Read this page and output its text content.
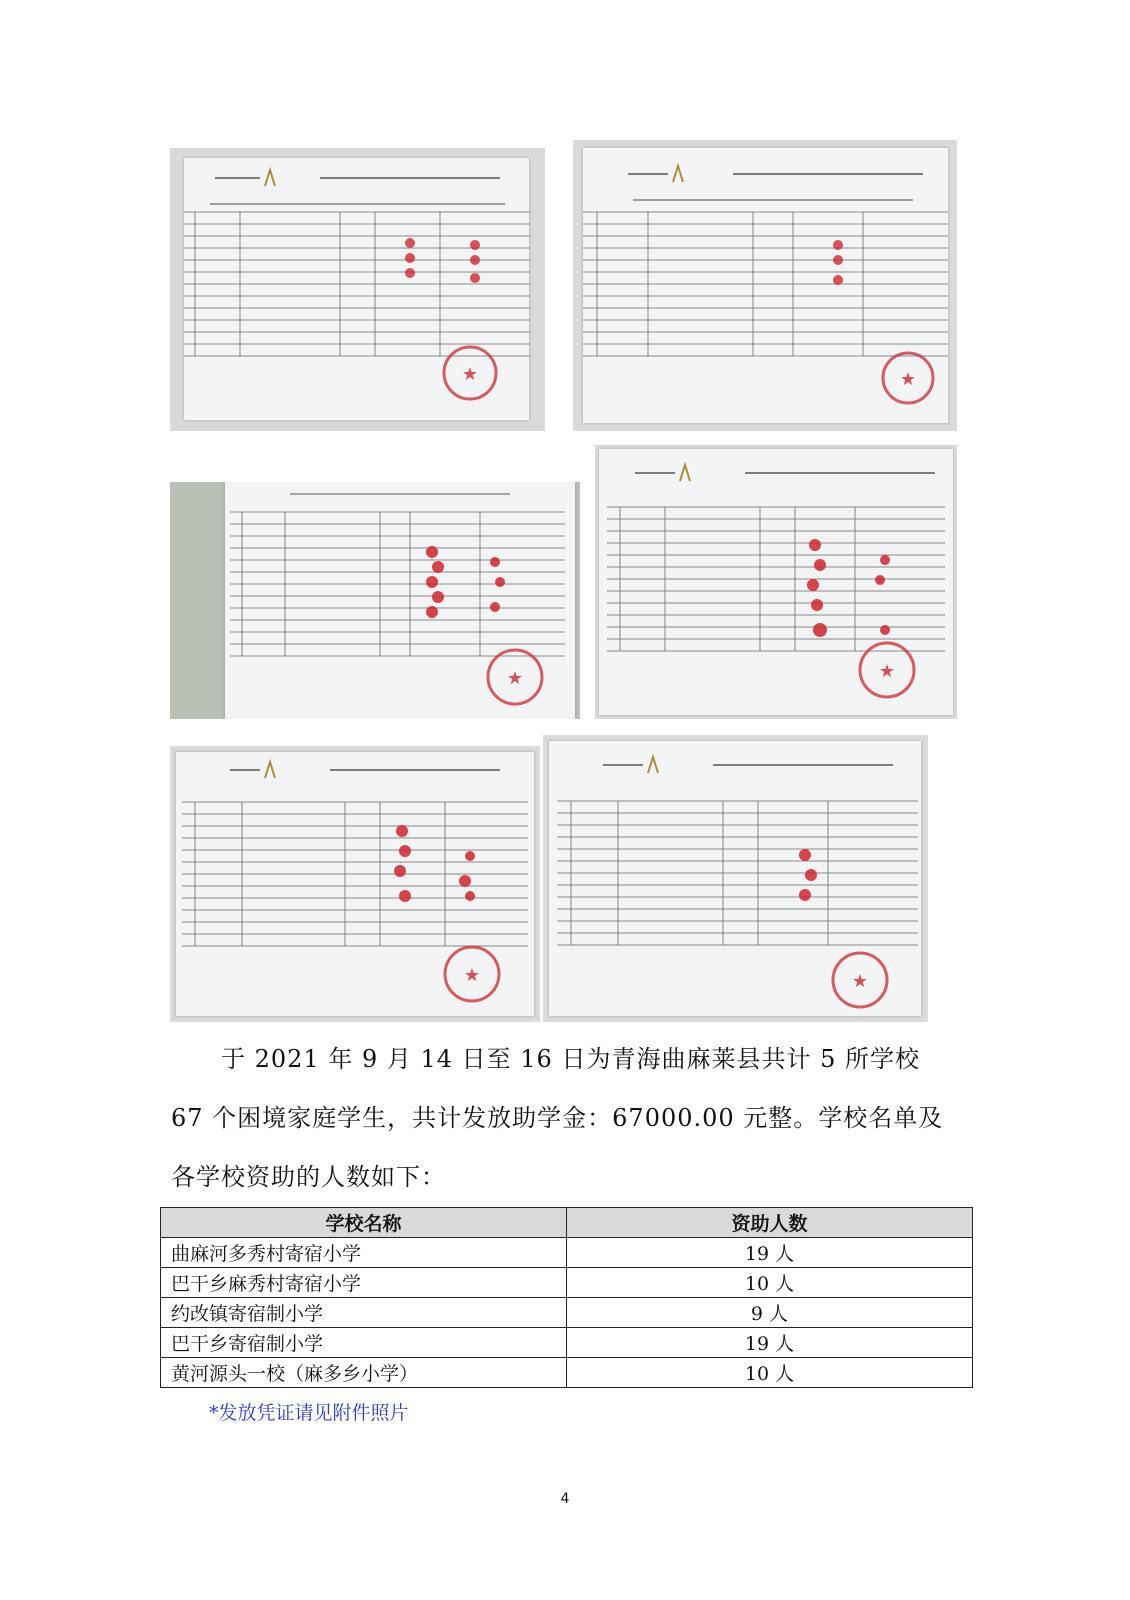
★	★
★	★
★	★

于 2021 年 9 月 14 日至 16 日为青海曲麻莱县共计 5 所学校 67 个困境家庭学生，共计发放助学金：67000.00 元整。学校名单及各学校资助的人数如下：

学校名称	资助人数
曲麻河多秀村寄宿小学	19 人
巴干乡麻秀村寄宿小学	10 人
约改镇寄宿制小学	9 人
巴干乡寄宿制小学	19 人
黄河源头一校（麻多乡小学）	10 人
*发放凭证请见附件照片
4
